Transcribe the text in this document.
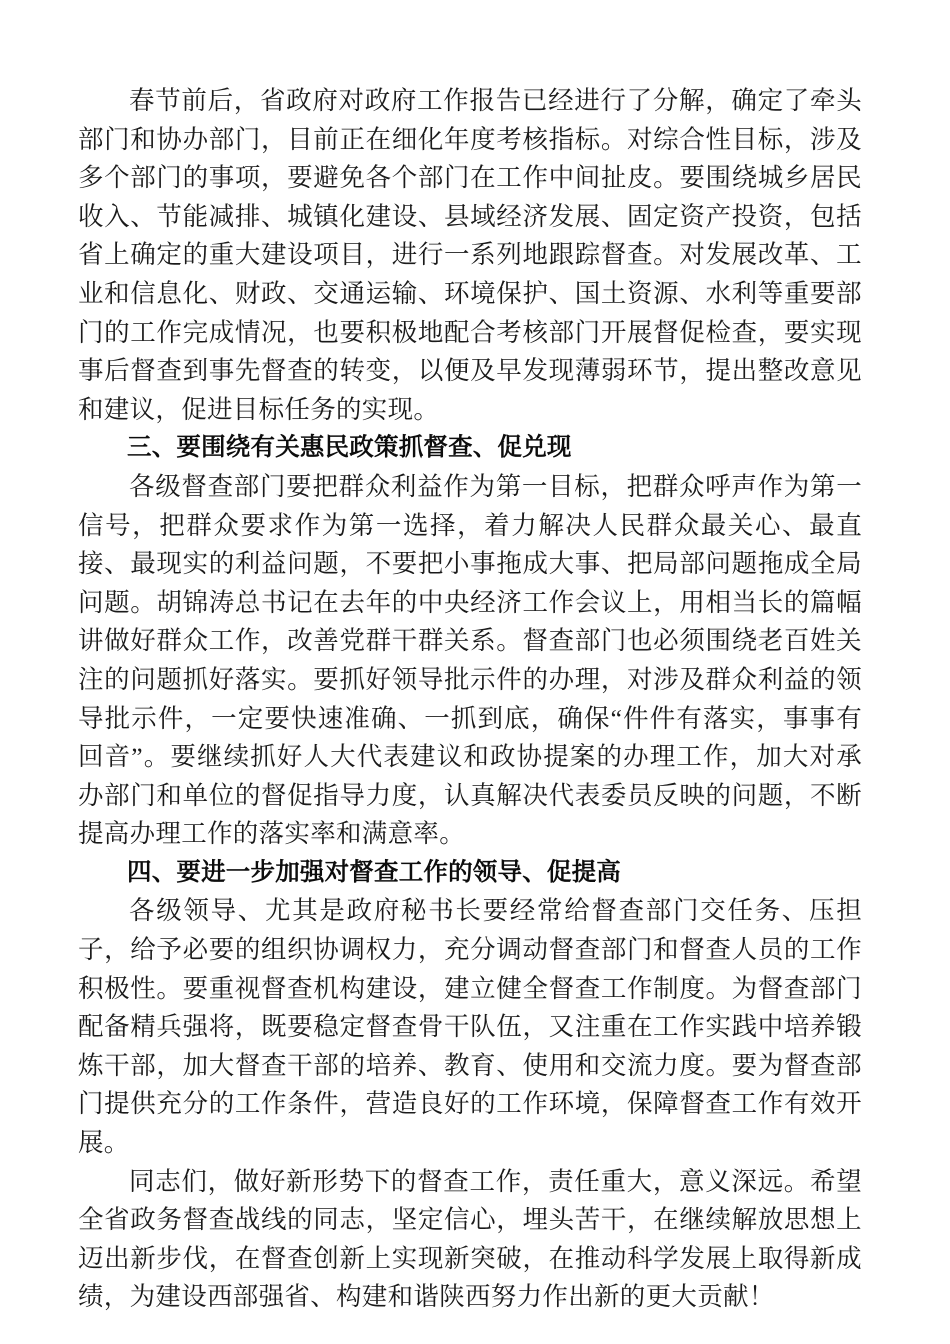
春节前后，省政府对政府工作报告已经进行了分解，确定了牵头部门和协办部门，目前正在细化年度考核指标。对综合性目标，涉及多个部门的事项，要避免各个部门在工作中间扯皮。要围绕城乡居民收入、节能减排、城镇化建设、县域经济发展、固定资产投资，包括省上确定的重大建设项目，进行一系列地跟踪督查。对发展改革、工业和信息化、财政、交通运输、环境保护、国土资源、水利等重要部门的工作完成情况，也要积极地配合考核部门开展督促检查，要实现事后督查到事先督查的转变，以便及早发现薄弱环节，提出整改意见和建议，促进目标任务的实现。

三、要围绕有关惠民政策抓督查、促兑现

各级督查部门要把群众利益作为第一目标，把群众呼声作为第一信号，把群众要求作为第一选择，着力解决人民群众最关心、最直接、最现实的利益问题，不要把小事拖成大事、把局部问题拖成全局问题。胡锦涛总书记在去年的中央经济工作会议上，用相当长的篇幅讲做好群众工作，改善党群干群关系。督查部门也必须围绕老百姓关注的问题抓好落实。要抓好领导批示件的办理，对涉及群众利益的领导批示件，一定要快速准确、一抓到底，确保“件件有落实，事事有回音”。要继续抓好人大代表建议和政协提案的办理工作，加大对承办部门和单位的督促指导力度，认真解决代表委员反映的问题，不断提高办理工作的落实率和满意率。

四、要进一步加强对督查工作的领导、促提高

各级领导、尤其是政府秘书长要经常给督查部门交任务、压担子，给予必要的组织协调权力，充分调动督查部门和督查人员的工作积极性。要重视督查机构建设，建立健全督查工作制度。为督查部门配备精兵强将，既要稳定督查骨干队伍，又注重在工作实践中培养锻炼干部，加大督查干部的培养、教育、使用和交流力度。要为督查部门提供充分的工作条件，营造良好的工作环境，保障督查工作有效开展。

同志们，做好新形势下的督查工作，责任重大，意义深远。希望全省政务督查战线的同志，坚定信心，埋头苦干，在继续解放思想上迈出新步伐，在督查创新上实现新突破，在推动科学发展上取得新成绩，为建设西部强省、构建和谐陕西努力作出新的更大贡献！
